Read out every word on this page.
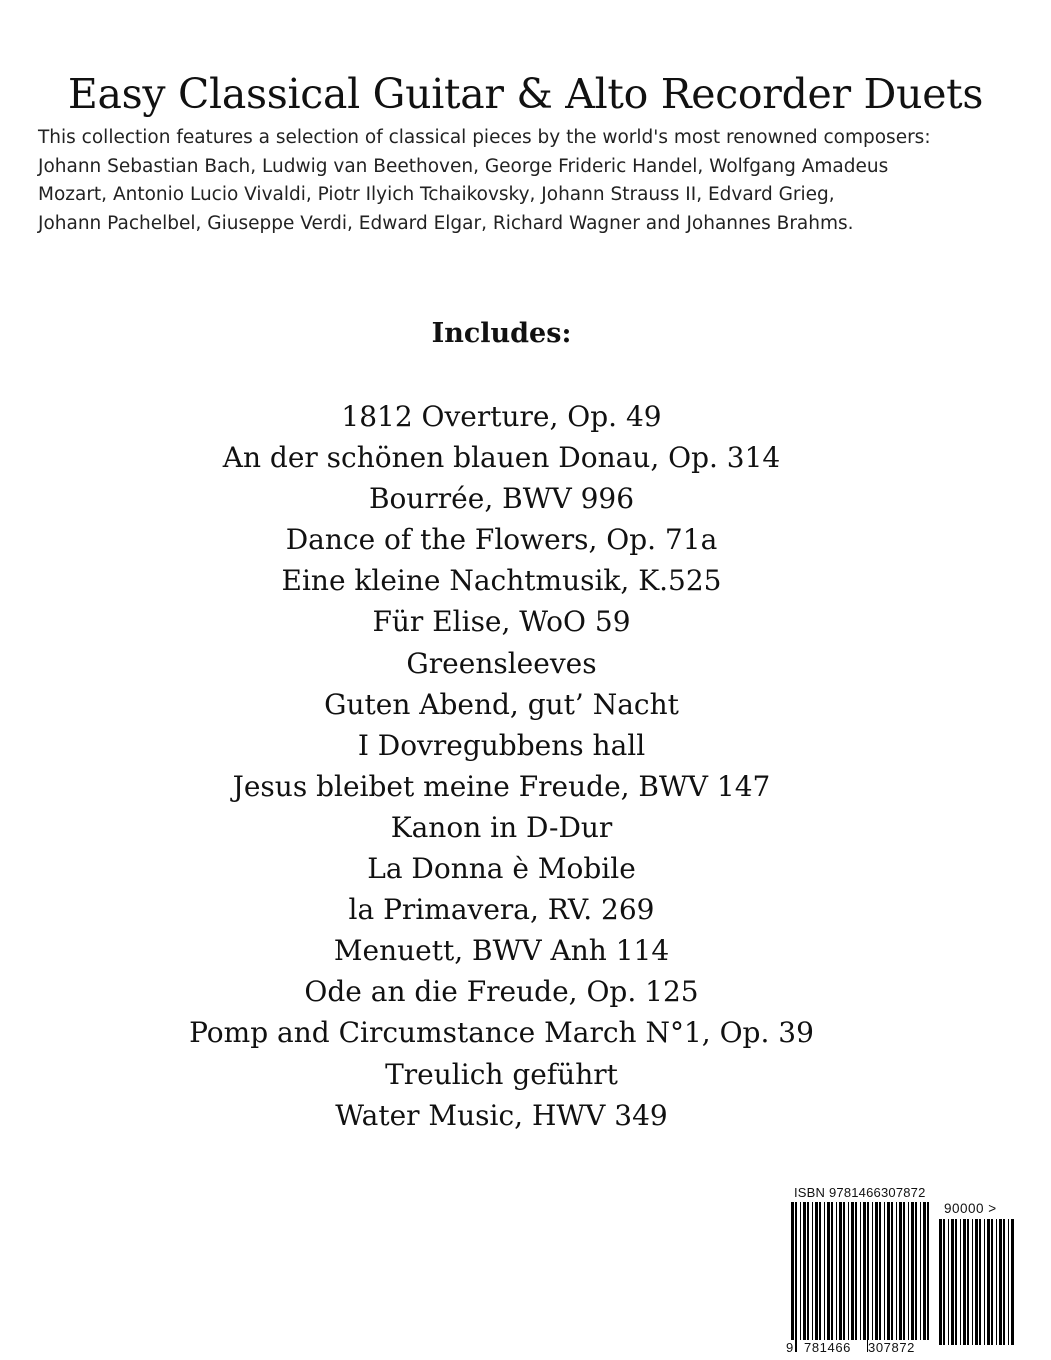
Easy Classical Guitar & Alto Recorder Duets
This collection features a selection of classical pieces by the world's most renowned composers:
Johann Sebastian Bach, Ludwig van Beethoven, George Frideric Handel, Wolfgang Amadeus
Mozart, Antonio Lucio Vivaldi, Piotr Ilyich Tchaikovsky, Johann Strauss II, Edvard Grieg,
Johann Pachelbel, Giuseppe Verdi, Edward Elgar, Richard Wagner and Johannes Brahms.
Includes:
1812 Overture, Op. 49
An der schönen blauen Donau, Op. 314
Bourrée, BWV 996
Dance of the Flowers, Op. 71a
Eine kleine Nachtmusik, K.525
Für Elise, WoO 59
Greensleeves
Guten Abend, gut’ Nacht
I Dovregubbens hall
Jesus bleibet meine Freude, BWV 147
Kanon in D-Dur
La Donna è Mobile
la Primavera, RV. 269
Menuett, BWV Anh 114
Ode an die Freude, Op. 125
Pomp and Circumstance March N°1, Op. 39
Treulich geführt
Water Music, HWV 349
ISBN 9781466307872
90000 >
9 781466 307872
